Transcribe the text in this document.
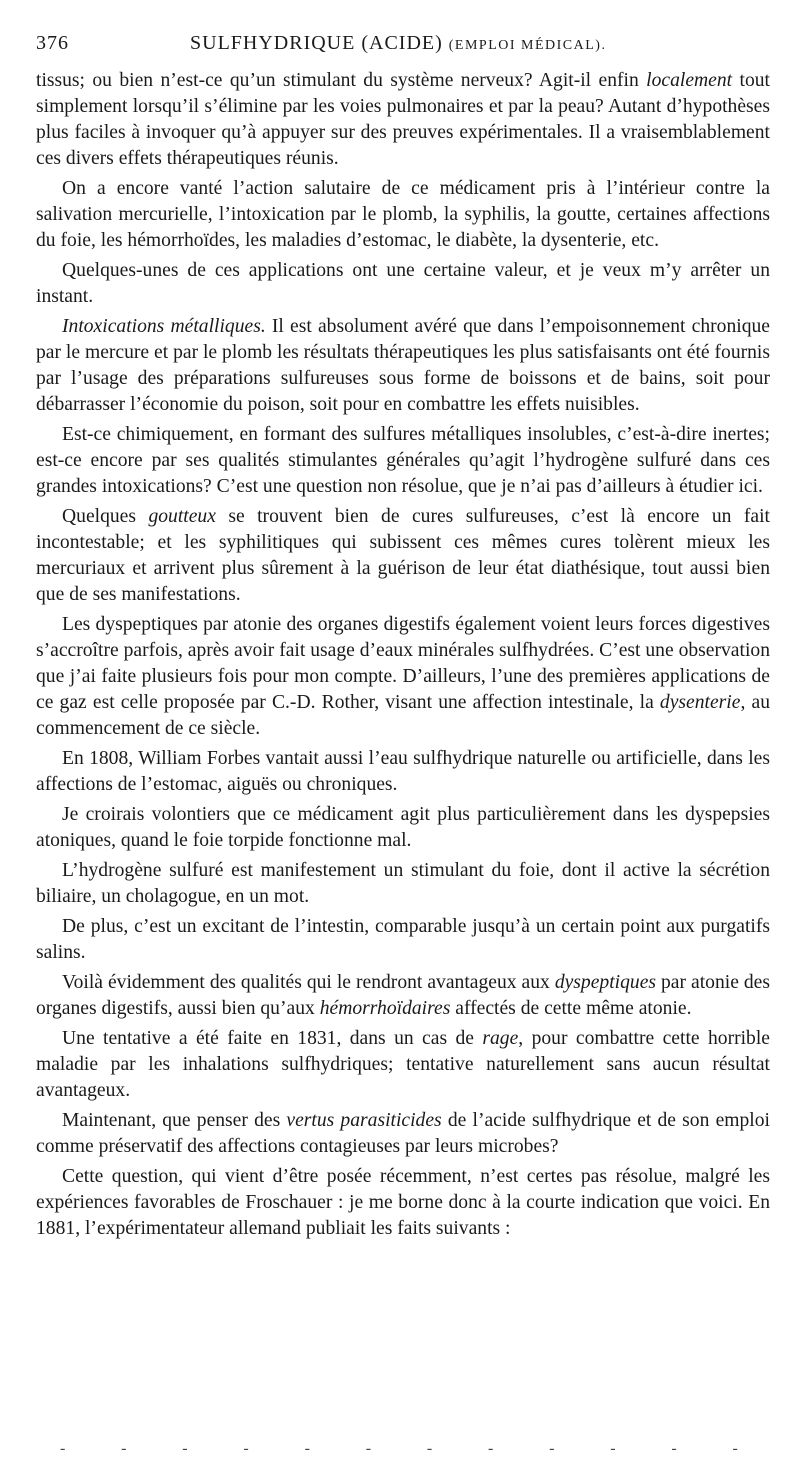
376	SULFHYDRIQUE (ACIDE) (EMPLOI MÉDICAL).

tissus; ou bien n’est-ce qu’un stimulant du système nerveux? Agit-il enfin localement tout simplement lorsqu’il s’élimine par les voies pulmonaires et par la peau? Autant d’hypothèses plus faciles à invoquer qu’à appuyer sur des preuves expérimentales. Il a vraisemblablement ces divers effets thérapeutiques réunis.

On a encore vanté l’action salutaire de ce médicament pris à l’intérieur contre la salivation mercurielle, l’intoxication par le plomb, la syphilis, la goutte, certaines affections du foie, les hémorrhoïdes, les maladies d’estomac, le diabète, la dysenterie, etc.

Quelques-unes de ces applications ont une certaine valeur, et je veux m’y arrêter un instant.

Intoxications métalliques. Il est absolument avéré que dans l’empoisonnement chronique par le mercure et par le plomb les résultats thérapeutiques les plus satisfaisants ont été fournis par l’usage des préparations sulfureuses sous forme de boissons et de bains, soit pour débarrasser l’économie du poison, soit pour en combattre les effets nuisibles.

Est-ce chimiquement, en formant des sulfures métalliques insolubles, c’est-à-dire inertes; est-ce encore par ses qualités stimulantes générales qu’agit l’hydrogène sulfuré dans ces grandes intoxications? C’est une question non résolue, que je n’ai pas d’ailleurs à étudier ici.

Quelques goutteux se trouvent bien de cures sulfureuses, c’est là encore un fait incontestable; et les syphilitiques qui subissent ces mêmes cures tolèrent mieux les mercuriaux et arrivent plus sûrement à la guérison de leur état diathésique, tout aussi bien que de ses manifestations.

Les dyspeptiques par atonie des organes digestifs également voient leurs forces digestives s’accroître parfois, après avoir fait usage d’eaux minérales sulfhydrées. C’est une observation que j’ai faite plusieurs fois pour mon compte. D’ailleurs, l’une des premières applications de ce gaz est celle proposée par C.-D. Rother, visant une affection intestinale, la dysenterie, au commencement de ce siècle.

En 1808, William Forbes vantait aussi l’eau sulfhydrique naturelle ou artificielle, dans les affections de l’estomac, aiguës ou chroniques.

Je croirais volontiers que ce médicament agit plus particulièrement dans les dyspepsies atoniques, quand le foie torpide fonctionne mal.

L’hydrogène sulfuré est manifestement un stimulant du foie, dont il active la sécrétion biliaire, un cholagogue, en un mot.

De plus, c’est un excitant de l’intestin, comparable jusqu’à un certain point aux purgatifs salins.

Voilà évidemment des qualités qui le rendront avantageux aux dyspeptiques par atonie des organes digestifs, aussi bien qu’aux hémorrhoïdaires affectés de cette même atonie.

Une tentative a été faite en 1831, dans un cas de rage, pour combattre cette horrible maladie par les inhalations sulfhydriques; tentative naturellement sans aucun résultat avantageux.

Maintenant, que penser des vertus parasiticides de l’acide sulfhydrique et de son emploi comme préservatif des affections contagieuses par leurs microbes?

Cette question, qui vient d’être posée récemment, n’est certes pas résolue, malgré les expériences favorables de Froschauer : je me borne donc à la courte indication que voici. En 1881, l’expérimentateur allemand publiait les faits suivants :

-	-	-	-	-	-	-	-	-	-	-	-
